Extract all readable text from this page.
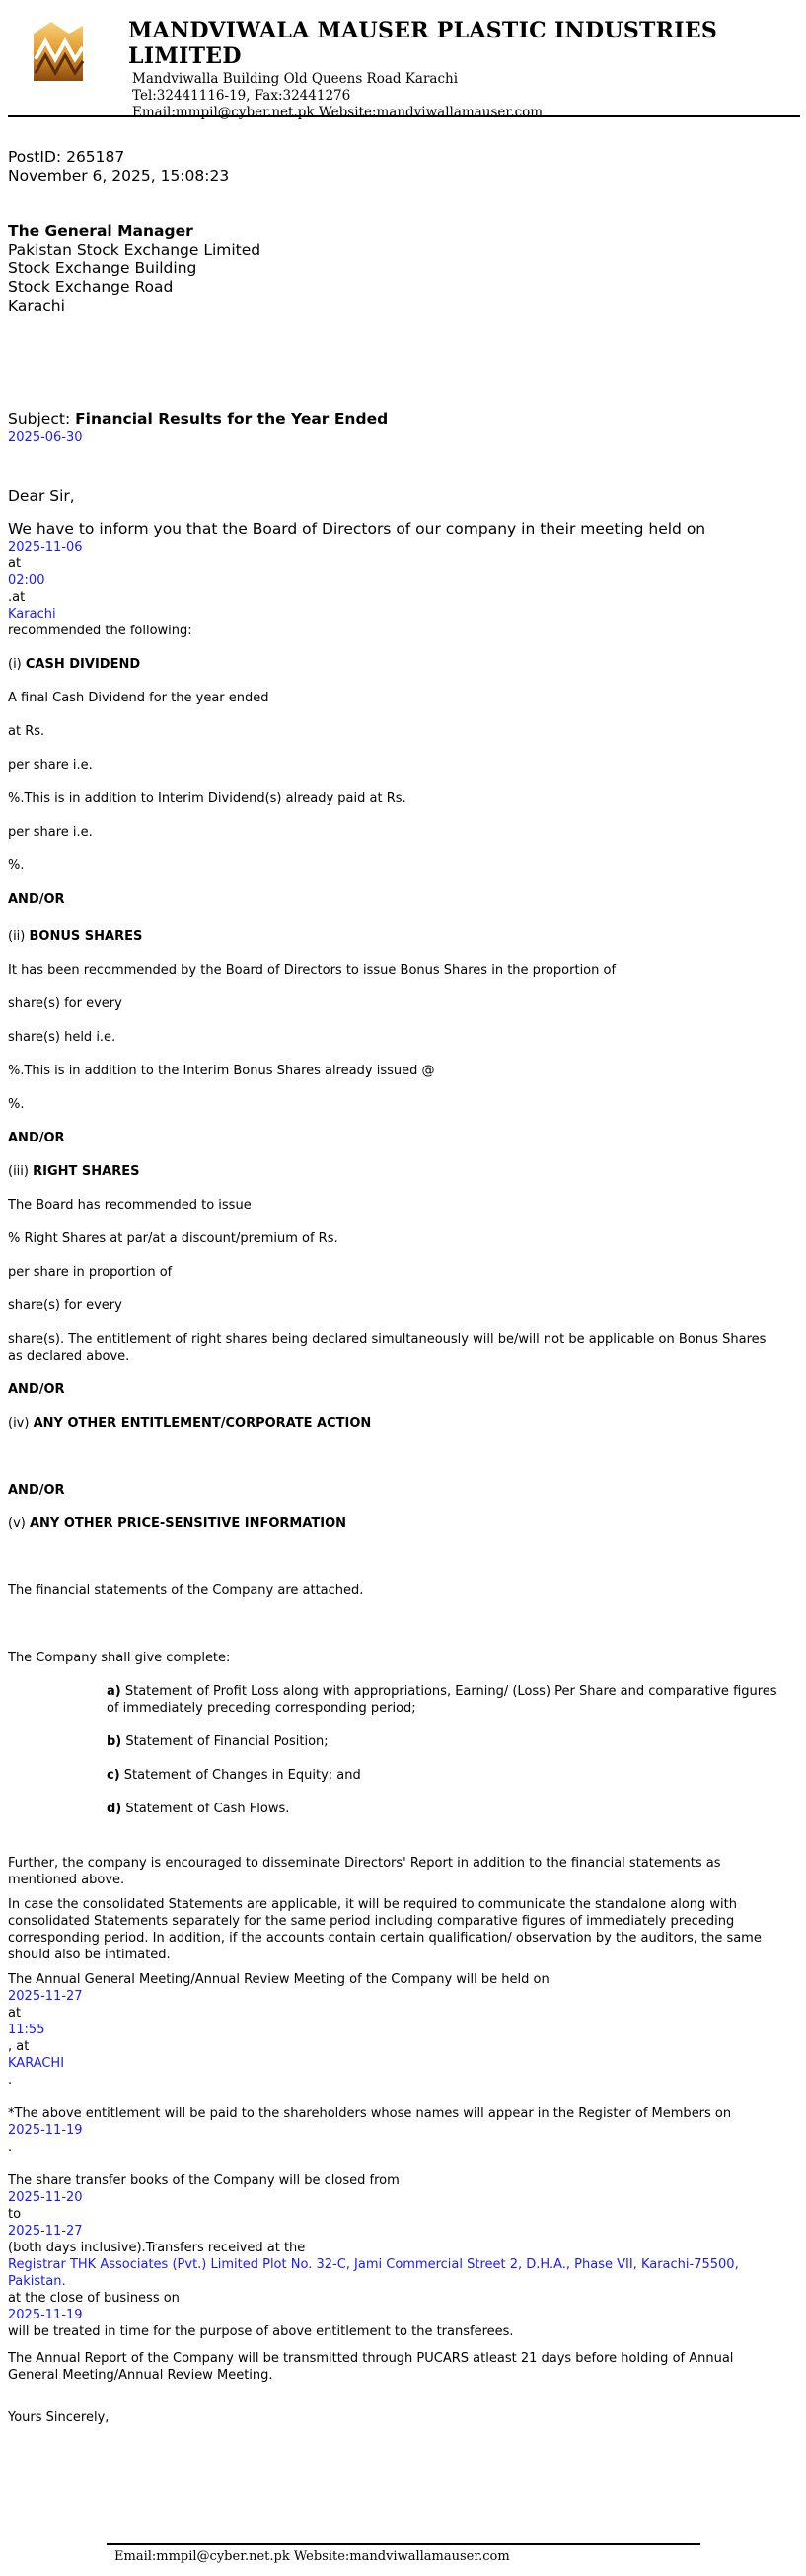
MANDVIWALA MAUSER PLASTIC INDUSTRIES LIMITED
Mandviwalla Building Old Queens Road Karachi
Tel:32441116-19, Fax:32441276
Email:mmpil@cyber.net.pk Website:mandviwallamauser.com
PostID: 265187
November 6, 2025, 15:08:23
The General Manager
Pakistan Stock Exchange Limited
Stock Exchange Building
Stock Exchange Road
Karachi
Subject: Financial Results for the Year Ended
2025-06-30
Dear Sir,
We have to inform you that the Board of Directors of our company in their meeting held on
2025-11-06
at
02:00
.at
Karachi
recommended the following:
(i) CASH DIVIDEND
A final Cash Dividend for the year ended
at Rs.
per share i.e.
%.This is in addition to Interim Dividend(s) already paid at Rs.
per share i.e.
%.
AND/OR
(ii) BONUS SHARES
It has been recommended by the Board of Directors to issue Bonus Shares in the proportion of
share(s) for every
share(s) held i.e.
%.This is in addition to the Interim Bonus Shares already issued @
%.
AND/OR
(iii) RIGHT SHARES
The Board has recommended to issue
% Right Shares at par/at a discount/premium of Rs.
per share in proportion of
share(s) for every
share(s). The entitlement of right shares being declared simultaneously will be/will not be applicable on Bonus Shares as declared above.
AND/OR
(iv) ANY OTHER ENTITLEMENT/CORPORATE ACTION
AND/OR
(v) ANY OTHER PRICE-SENSITIVE INFORMATION
The financial statements of the Company are attached.
The Company shall give complete:
a) Statement of Profit Loss along with appropriations, Earning/ (Loss) Per Share and comparative figures of immediately preceding corresponding period;
b) Statement of Financial Position;
c) Statement of Changes in Equity; and
d) Statement of Cash Flows.
Further, the company is encouraged to disseminate Directors' Report in addition to the financial statements as mentioned above.
In case the consolidated Statements are applicable, it will be required to communicate the standalone along with consolidated Statements separately for the same period including comparative figures of immediately preceding corresponding period. In addition, if the accounts contain certain qualification/ observation by the auditors, the same should also be intimated.
The Annual General Meeting/Annual Review Meeting of the Company will be held on
2025-11-27
at
11:55
, at
KARACHI
.
*The above entitlement will be paid to the shareholders whose names will appear in the Register of Members on
2025-11-19
.
The share transfer books of the Company will be closed from
2025-11-20
to
2025-11-27
(both days inclusive).Transfers received at the
Registrar THK Associates (Pvt.) Limited Plot No. 32-C, Jami Commercial Street 2, D.H.A., Phase VII, Karachi-75500, Pakistan.
at the close of business on
2025-11-19
will be treated in time for the purpose of above entitlement to the transferees.
The Annual Report of the Company will be transmitted through PUCARS atleast 21 days before holding of Annual General Meeting/Annual Review Meeting.
Yours Sincerely,
Email:mmpil@cyber.net.pk Website:mandviwallamauser.com
